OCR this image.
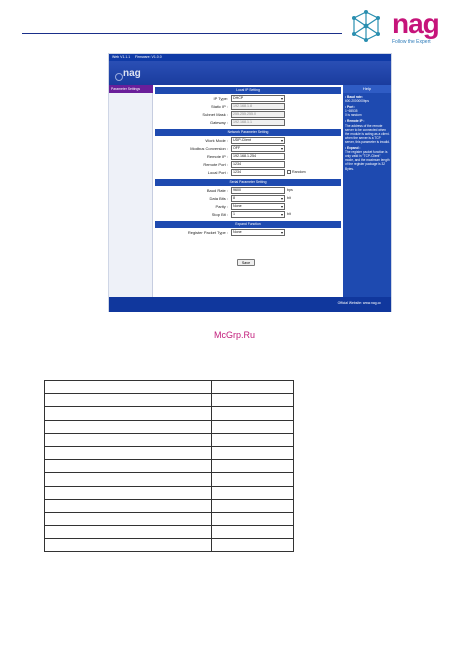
nag
Follow the Expert
Web V1.1.1 Firmware: V1.0.0
nag
Parameter Settings	Local IP Setting
IP Type:	DHCP ▾
Static IP :	192.168.1.8
Subnet Mask :	255.255.255.0
Gateway :	192.168.1.1
Network Parameter Setting
Work Mode :	UDP-Client ▾
Modbus Conversion :	OFF ▾
Remote IP :	192.168.1.254
Remote Port :	1234
Local Port :	1234	Random
Serial Parameter Setting
Baud Rate :	9600	bps
Data Bits :	8 ▾	bit
Parity :	None ▾
Stop Bit :	1 ▾	bit
Expand Function
Register Packet Type :	None ▾
Save
Help

• Baud rate:
600-2000000bps

• Port :
1~65535
0 is random

• Remote IP :
The address of the remote server to be connected when the module is acting as a client. when the server is a TCP server, this parameter is invalid.

• Expand :
The register packet function is only valid in "TCP-Client" mode, and the maximum length of the register package is 32 Bytes.

Official Website: www.nag.cc
McGrp.Ru
